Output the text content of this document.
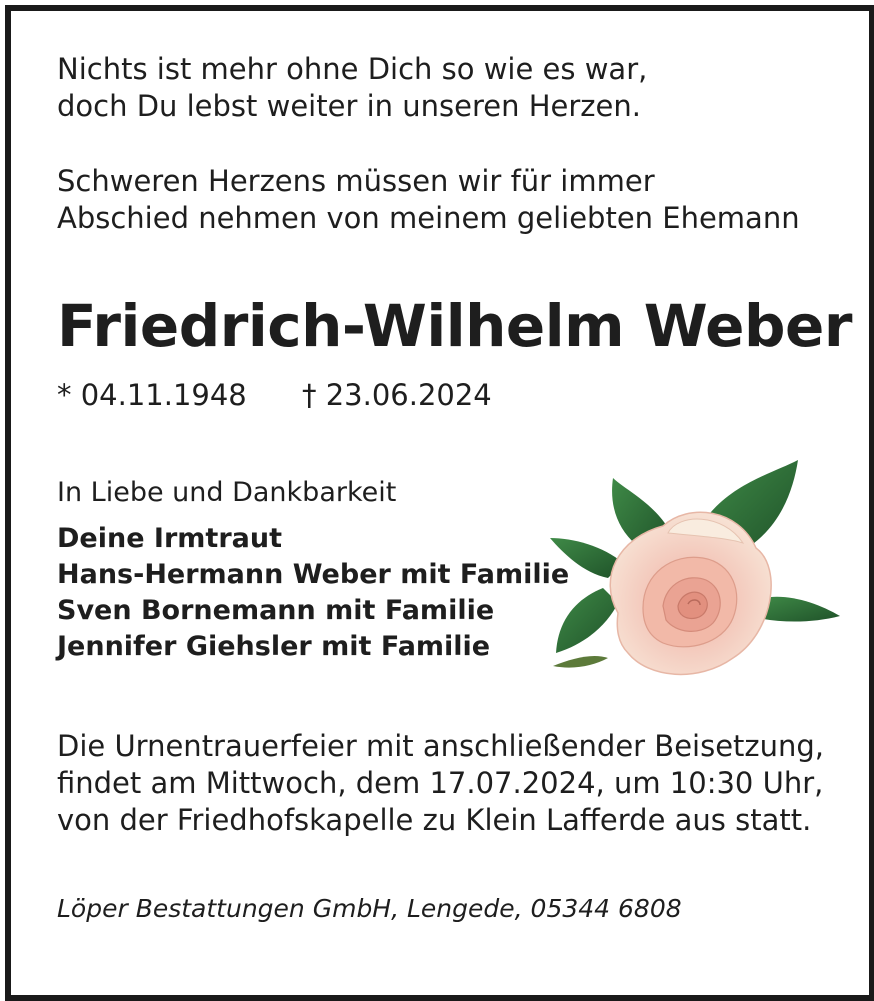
Nichts ist mehr ohne Dich so wie es war,

doch Du lebst weiter in unseren Herzen.

Schweren Herzens müssen wir für immer

Abschied nehmen von meinem geliebten Ehemann

Friedrich-Wilhelm Weber
* 04.11.1948 † 23.06.2024

In Liebe und Dankbarkeit

Deine Irmtraut

Hans-Hermann Weber mit Familie

Sven Bornemann mit Familie

Jennifer Giehsler mit Familie

Die Urnentrauerfeier mit anschließender Beisetzung,

findet am Mittwoch, dem 17.07.2024, um 10:30 Uhr,

von der Friedhofskapelle zu Klein Lafferde aus statt.

Löper Bestattungen GmbH, Lengede, 05344 6808
